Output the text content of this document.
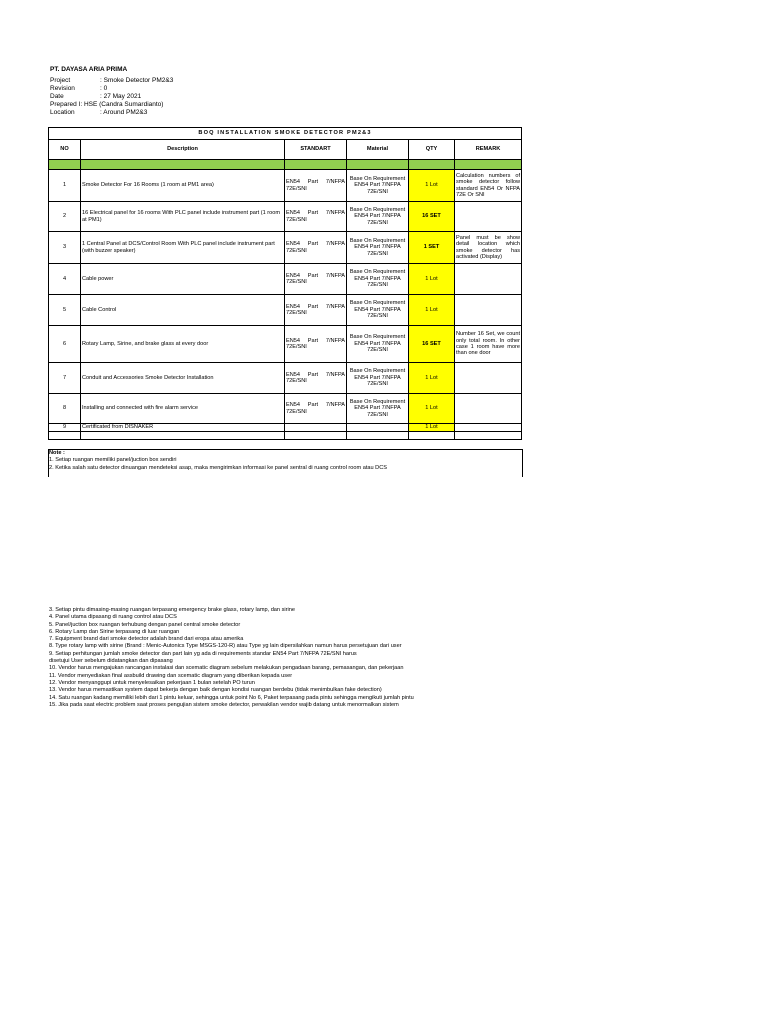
PT. DAYASA ARIA PRIMA
Project	: Smoke Detector PM2&3
Revision	: 0
Date	: 27 May 2021
Prepared I : HSE (Candra Sumardianto)
Location	: Around PM2&3
BOQ INSTALLATION SMOKE DETECTOR PM2&3					
NO	Description	STANDART	Material	QTY	REMARK

1	Smoke Detector For 16 Rooms (1 room at PM1 area)	EN54 Part 7/NFPA 72E/SNI	Base On Requirement EN54 Part 7/NFPA 72E/SNI	1 Lot	Calculation numbers of smoke detector follow standard EN54 Or NFPA 72E Or SNI
2	16 Electrical panel for 16 rooms With PLC panel include instrument part (1 room at PM1)	EN54 Part 7/NFPA 72E/SNI	Base On Requirement EN54 Part 7/NFPA 72E/SNI	16 SET	
3	1 Central Panel at DCS/Control Room With PLC panel include instrument part (with buzzer speaker)	EN54 Part 7/NFPA 72E/SNI	Base On Requirement EN54 Part 7/NFPA 72E/SNI	1 SET	Panel must be show detail location which smoke detector has activated (Display)
4	Cable power	EN54 Part 7/NFPA 72E/SNI	Base On Requirement EN54 Part 7/NFPA 72E/SNI	1 Lot	
5	Cable Control	EN54 Part 7/NFPA 72E/SNI	Base On Requirement EN54 Part 7/NFPA 72E/SNI	1 Lot	
6	Rotary Lamp, Sirine, and brake glass at every door	EN54 Part 7/NFPA 72E/SNI	Base On Requirement EN54 Part 7/NFPA 72E/SNI	16 SET	Number 16 Set, we count only total room. In other case 1 room have more than one door
7	Conduit and Accessories Smoke Detector Installation	EN54 Part 7/NFPA 72E/SNI	Base On Requirement EN54 Part 7/NFPA 72E/SNI	1 Lot	
8	Installing and connected with fire alarm service	EN54 Part 7/NFPA 72E/SNI	Base On Requirement EN54 Part 7/NFPA 72E/SNI	1 Lot	
9	Certificated from DISNAKER			1 Lot	

Note :
1. Setiap ruangan memiliki panel/juction box sendiri
2. Ketika salah satu detector dinuangan mendeteksi asap, maka mengirimkan informasi ke panel sentral di ruang control room atau DCS
3. Setiap pintu dimasing-masing ruangan terpasang emergency brake glass, rotary lamp, dan sirine
4. Panel utama dipasang di ruang control atau DCS
5. Panel/juction box ruangan terhubung dengan panel central smoke detector
6. Rotary Lamp dan Sirine terpasang di luar ruangan
7. Equipment brand dari smoke detector adalah brand dari eropa atau amerika
8. Type rotary lamp with sirine (Brand : Menic-Autonics Type MSGS-120-R) atau Type yg lain dipersilahkan namun harus persetujuan dari user
9. Setiap perhitungan jumlah smoke detector dan part lain yg ada di requirements standar EN54 Part 7/NFPA 72E/SNI harus
disetujui User sebelum didatangkan dan dipasang
10. Vendor harus mengajukan rancangan instalasi dan scematic diagram sebelum melakukan pengadaan barang, pemasangan, dan pekerjaan
11. Vendor menyediakan final assbuild drawing dan scematic diagram yang diberikan kepada user
12. Vendor menyanggupi untuk menyelesaikan pekerjaan 1 bulan setelah PO turun
13. Vendor harus memastikan system dapat bekerja dengan baik dengan kondisi ruangan berdebu (tidak menimbulkan fake detection)
14. Satu ruangan kadang memiliki lebih dari 1 pintu keluar, sehingga untuk point No 6, Paket terpasang pada pintu sehingga mengikuti jumlah pintu
15. Jika pada saat electric problem saat proses pengujian sistem smoke detector, perwakilan vendor wajib datang untuk menormalkan sistem
